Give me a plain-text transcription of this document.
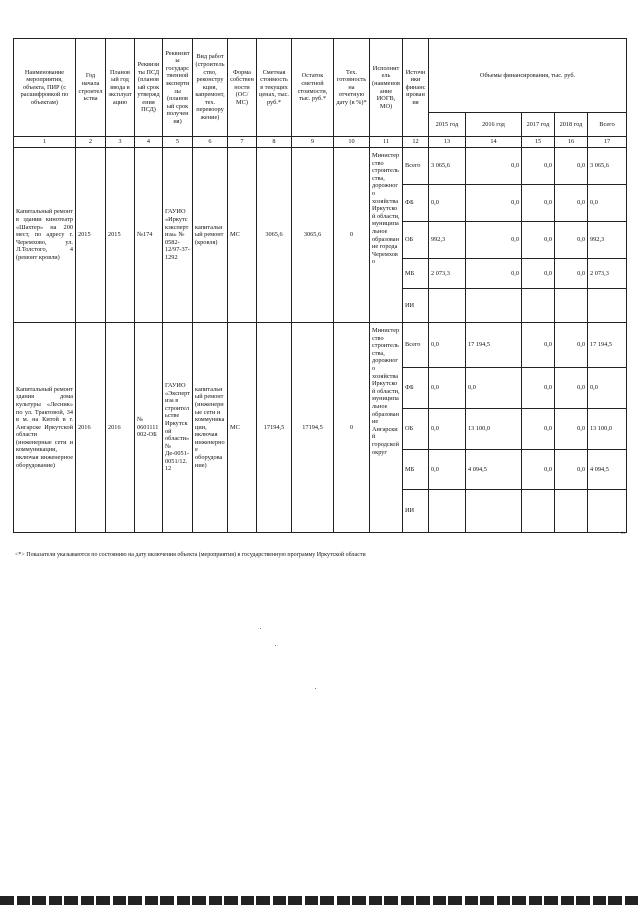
Наименование мероприятия, объекта, ПИР (с расшифровкой по объектам)	Год начала строительства	Плановый год ввода в эксплуатацию	Реквизиты ПСД (плановый срок утверждения ПСД)	Реквизиты государственной экспертизы (плановый срок получения)	Вид работ (строительство, реконструкция, капремонт, тех. перевооружение)	Форма собственности (ОС/МС)	Сметная стоимость в текущих ценах, тыс. руб.*	Остаток сметной стоимости, тыс. руб.*	Тех. готовность на отчетную дату (в %)*	Исполнитель (наименование ИОГВ, МО)	Источники финансирования	Объемы финансирования, тыс. руб.				
												2015 год	2016 год	2017 год	2018 год	Всего
1	2	3	4	5	6	7	8	9	10	11	12	13	14	15	16	17
Капитальный ремонт в здании кинотеатр «Шахтер» на 200 мест, по адресу г. Черемхово, ул. Л.Толстого, 4 (ремонт кровли)	2015	2015	№174	ГАУИО «Иркутскэкспертиза» № 0582-12/97-37-1292	капитальный ремонт (кровля)	МС	3065,6	3065,6	0	Министерство строительства, дорожного хозяйства Иркутской области, муниципальное образование города Черемхово	Всего	3 065,6	0,0	0,0	0,0	3 065,6
											ФБ	0,0	0,0	0,0	0,0	0,0
											ОБ	992,3	0,0	0,0	0,0	992,3
											МБ	2 073,3	0,0	0,0	0,0	2 073,3
											ИИ					
Капитальный ремонт здания дома культуры «Лесник» по ул. Трактовой, 34 в м. на Китой в г. Ангарске Иркутской области (инженерные сети и коммуникации, включая инженерное оборудование)	2016	2016	№ 0601111002-ОБ	ГАУИО «Экспертиза в строительстве Иркутской области» № Де-0051-0051/12.12	капитальный ремонт (инженерные сети и коммуникации, включая инженерное оборудование)	МС	17194,5	17194,5	0	Министерство строительства, дорожного хозяйства Иркутской области, муниципальное образование Ангарский городской округ	Всего	0,0	17 194,5	0,0	0,0	17 194,5
											ФБ	0,0	0,0	0,0	0,0	0,0
											ОБ	0,0	13 100,0	0,0	0,0	13 100,0
											МБ	0,0	4 094,5	0,0	0,0	4 094,5
											ИИ					
».
<*> Показатели указываются по состоянию на дату включения объекта (мероприятия) в государственную программу Иркутской области
